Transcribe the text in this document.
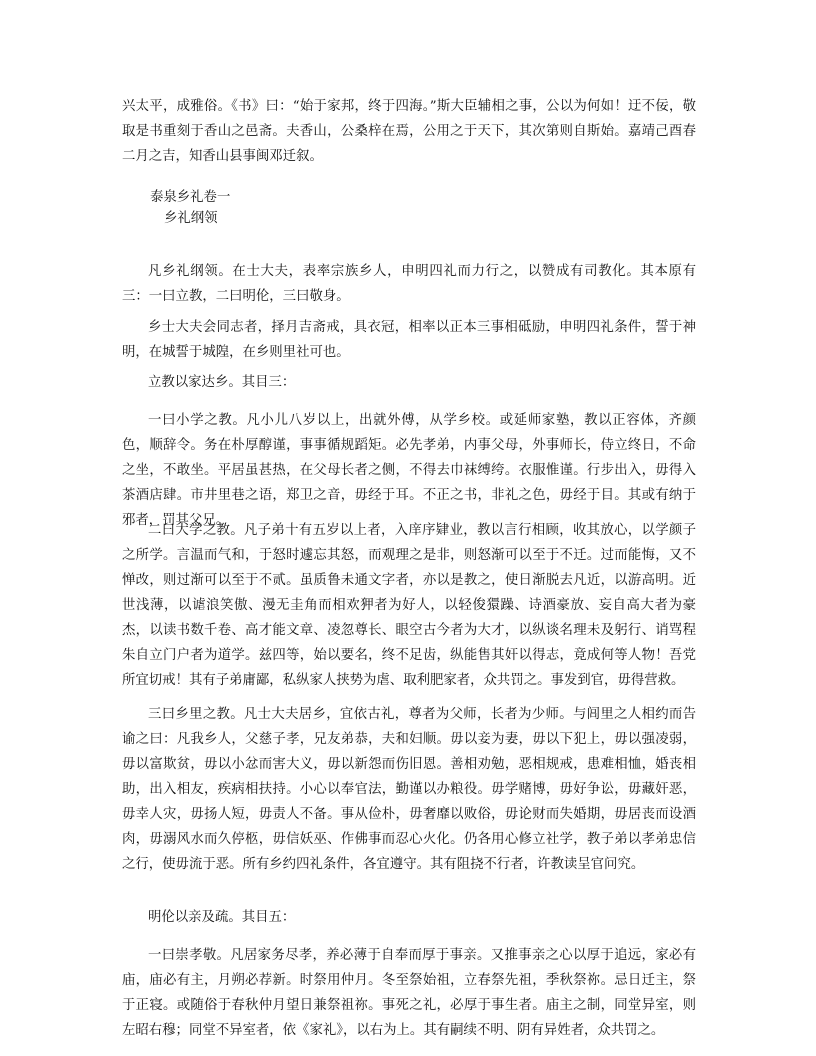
兴太平，成雅俗。《书》曰：“始于家邦，终于四海。”斯大臣辅相之事，公以为何如！迂不佞，敬取是书重刻于香山之邑斋。夫香山，公桑梓在焉，公用之于天下，其次第则自斯始。嘉靖己酉春二月之吉，知香山县事闽邓迁叙。

泰泉乡礼卷一

乡礼纲领

凡乡礼纲领。在士大夫，表率宗族乡人，申明四礼而力行之，以赞成有司教化。其本原有三：一曰立教，二曰明伦，三曰敬身。

乡士大夫会同志者，择月吉斋戒，具衣冠，相率以正本三事相砥励，申明四礼条件，誓于神明，在城誓于城隍，在乡则里社可也。

立教以家达乡。其目三：

一曰小学之教。凡小儿八岁以上，出就外傅，从学乡校。或延师家塾，教以正容体，齐颜色，顺辞令。务在朴厚醇谨，事事循规蹈矩。必先孝弟，内事父母，外事师长，侍立终日，不命之坐，不敢坐。平居虽甚热，在父母长者之侧，不得去巾袜缚绔。衣服惟谨。行步出入，毋得入茶酒店肆。市井里巷之语，郑卫之音，毋经于耳。不正之书，非礼之色，毋经于目。其或有纳于邪者，罚其父兄。

二曰大学之教。凡子弟十有五岁以上者，入庠序肄业，教以言行相顾，收其放心，以学颜子之所学。言温而气和，于怒时遽忘其怒，而观理之是非，则怒渐可以至于不迁。过而能悔，又不惮改，则过渐可以至于不贰。虽质鲁未通文字者，亦以是教之，使日渐脱去凡近，以游高明。近世浅薄，以谑浪笑傲、漫无圭角而相欢狎者为好人，以轻俊獧躁、诗酒豪放、妄自高大者为豪杰，以读书数千卷、高才能文章、凌忽尊长、眼空古今者为大才，以纵谈名理未及躬行、诮骂程朱自立门户者为道学。兹四等，始以要名，终不足齿，纵能售其奸以得志，竟成何等人物！吾党所宜切戒！其有子弟庸鄙，私纵家人挟势为虐、取利肥家者，众共罚之。事发到官，毋得营救。

三曰乡里之教。凡士大夫居乡，宜依古礼，尊者为父师，长者为少师。与闾里之人相约而告谕之曰：凡我乡人，父慈子孝，兄友弟恭，夫和妇顺。毋以妾为妻，毋以下犯上，毋以强凌弱，毋以富欺贫，毋以小忿而害大义，毋以新怨而伤旧恩。善相劝勉，恶相规戒，患难相恤，婚丧相助，出入相友，疾病相扶持。小心以奉官法，勤谨以办粮役。毋学赌博，毋好争讼，毋藏奸恶，毋幸人灾，毋扬人短，毋责人不备。事从俭朴，毋奢靡以败俗，毋论财而失婚期，毋居丧而设酒肉，毋溺风水而久停柩，毋信妖巫、作佛事而忍心火化。仍各用心修立社学，教子弟以孝弟忠信之行，使毋流于恶。所有乡约四礼条件，各宜遵守。其有阻挠不行者，许教读呈官问究。

明伦以亲及疏。其目五：

一曰崇孝敬。凡居家务尽孝，养必薄于自奉而厚于事亲。又推事亲之心以厚于追远，家必有庙，庙必有主，月朔必荐新。时祭用仲月。冬至祭始祖，立春祭先祖，季秋祭祢。忌日迁主，祭于正寝。或随俗于春秋仲月望日兼祭祖祢。事死之礼，必厚于事生者。庙主之制，同堂异室，则左昭右穆；同堂不异室者，依《家礼》，以右为上。其有嗣续不明、阴有异姓者，众共罚之。
